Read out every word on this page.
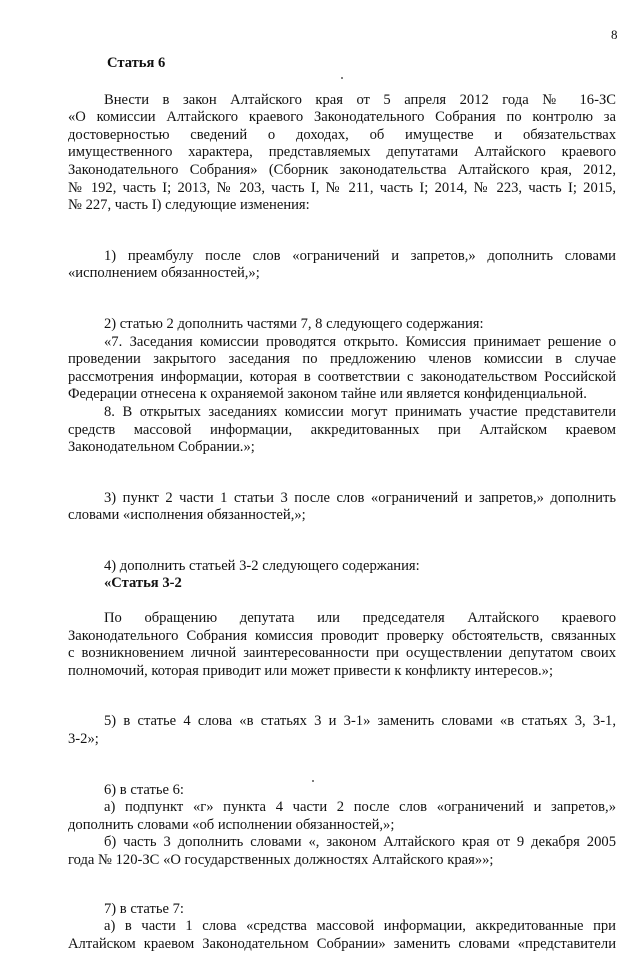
8

Статья 6

Внести в закон Алтайского края от 5 апреля 2012 года № 16-ЗС

«О комиссии Алтайского краевого Законодательного Собрания по контролю за

достоверностью сведений о доходах, об имуществе и обязательствах

имущественного характера, представляемых депутатами Алтайского краевого

Законодательного Собрания» (Сборник законодательства Алтайского края, 2012,

№ 192, часть I; 2013, № 203, часть I, № 211, часть I; 2014, № 223, часть I; 2015,

№ 227, часть I) следующие изменения:

1) преамбулу после слов «ограничений и запретов,» дополнить словами

«исполнением обязанностей,»;

2) статью 2 дополнить частями 7, 8 следующего содержания:

«7. Заседания комиссии проводятся открыто. Комиссия принимает решение о

проведении закрытого заседания по предложению членов комиссии в случае

рассмотрения информации, которая в соответствии с законодательством Российской

Федерации отнесена к охраняемой законом тайне или является конфиденциальной.

8. В открытых заседаниях комиссии могут принимать участие представители

средств массовой информации, аккредитованных при Алтайском краевом

Законодательном Собрании.»;

3) пункт 2 части 1 статьи 3 после слов «ограничений и запретов,» дополнить

словами «исполнения обязанностей,»;

4) дополнить статьей 3-2 следующего содержания:

«Статья 3-2

По обращению депутата или председателя Алтайского краевого

Законодательного Собрания комиссия проводит проверку обстоятельств, связанных

с возникновением личной заинтересованности при осуществлении депутатом своих

полномочий, которая приводит или может привести к конфликту интересов.»;

5) в статье 4 слова «в статьях 3 и 3-1» заменить словами «в статьях 3, 3-1,

3-2»;

6) в статье 6:

а) подпункт «г» пункта 4 части 2 после слов «ограничений и запретов,»

дополнить словами «об исполнении обязанностей,»;

б) часть 3 дополнить словами «, законом Алтайского края от 9 декабря 2005

года № 120-ЗС «О государственных должностях Алтайского края»»;

7) в статье 7:

а) в части 1 слова «средства массовой информации, аккредитованные при

Алтайском краевом Законодательном Собрании» заменить словами «представители
